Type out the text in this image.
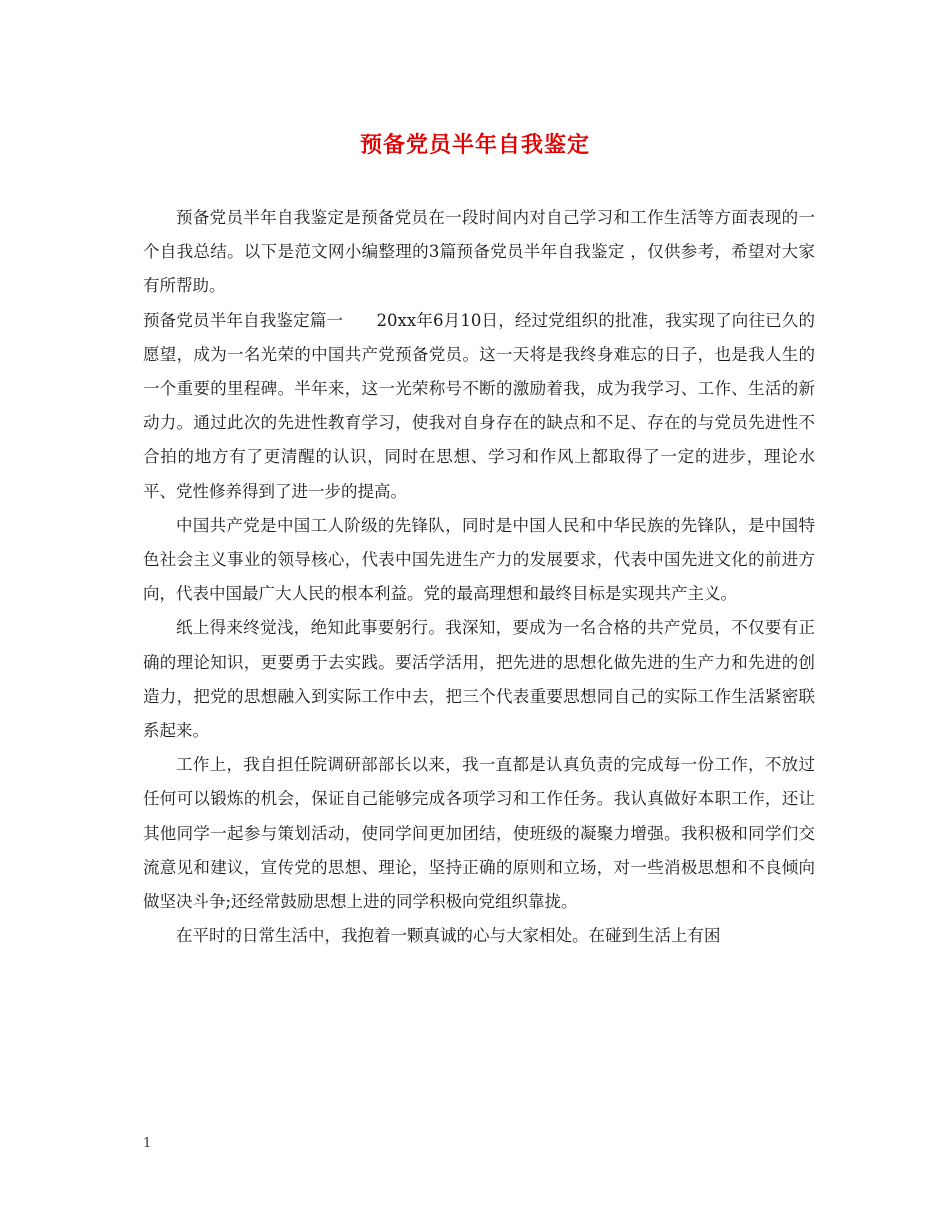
预备党员半年自我鉴定

预备党员半年自我鉴定是预备党员在一段时间内对自己学习和工作生活等方面表现的一个自我总结。以下是范文网小编整理的3篇预备党员半年自我鉴定 ，仅供参考，希望对大家有所帮助。

预备党员半年自我鉴定篇一　　20xx年6月10日，经过党组织的批准，我实现了向往已久的愿望，成为一名光荣的中国共产党预备党员。这一天将是我终身难忘的日子，也是我人生的一个重要的里程碑。半年来，这一光荣称号不断的激励着我，成为我学习、工作、生活的新动力。通过此次的先进性教育学习，使我对自身存在的缺点和不足、存在的与党员先进性不合拍的地方有了更清醒的认识，同时在思想、学习和作风上都取得了一定的进步，理论水平、党性修养得到了进一步的提高。

中国共产党是中国工人阶级的先锋队，同时是中国人民和中华民族的先锋队，是中国特色社会主义事业的领导核心，代表中国先进生产力的发展要求，代表中国先进文化的前进方向，代表中国最广大人民的根本利益。党的最高理想和最终目标是实现共产主义。

纸上得来终觉浅，绝知此事要躬行。我深知，要成为一名合格的共产党员，不仅要有正确的理论知识，更要勇于去实践。要活学活用，把先进的思想化做先进的生产力和先进的创造力，把党的思想融入到实际工作中去，把三个代表重要思想同自己的实际工作生活紧密联系起来。

工作上，我自担任院调研部部长以来，我一直都是认真负责的完成每一份工作，不放过任何可以锻炼的机会，保证自己能够完成各项学习和工作任务。我认真做好本职工作，还让其他同学一起参与策划活动，使同学间更加团结，使班级的凝聚力增强。我积极和同学们交流意见和建议，宣传党的思想、理论，坚持正确的原则和立场，对一些消极思想和不良倾向做坚决斗争;还经常鼓励思想上进的同学积极向党组织靠拢。

在平时的日常生活中，我抱着一颗真诚的心与大家相处。在碰到生活上有困

1
